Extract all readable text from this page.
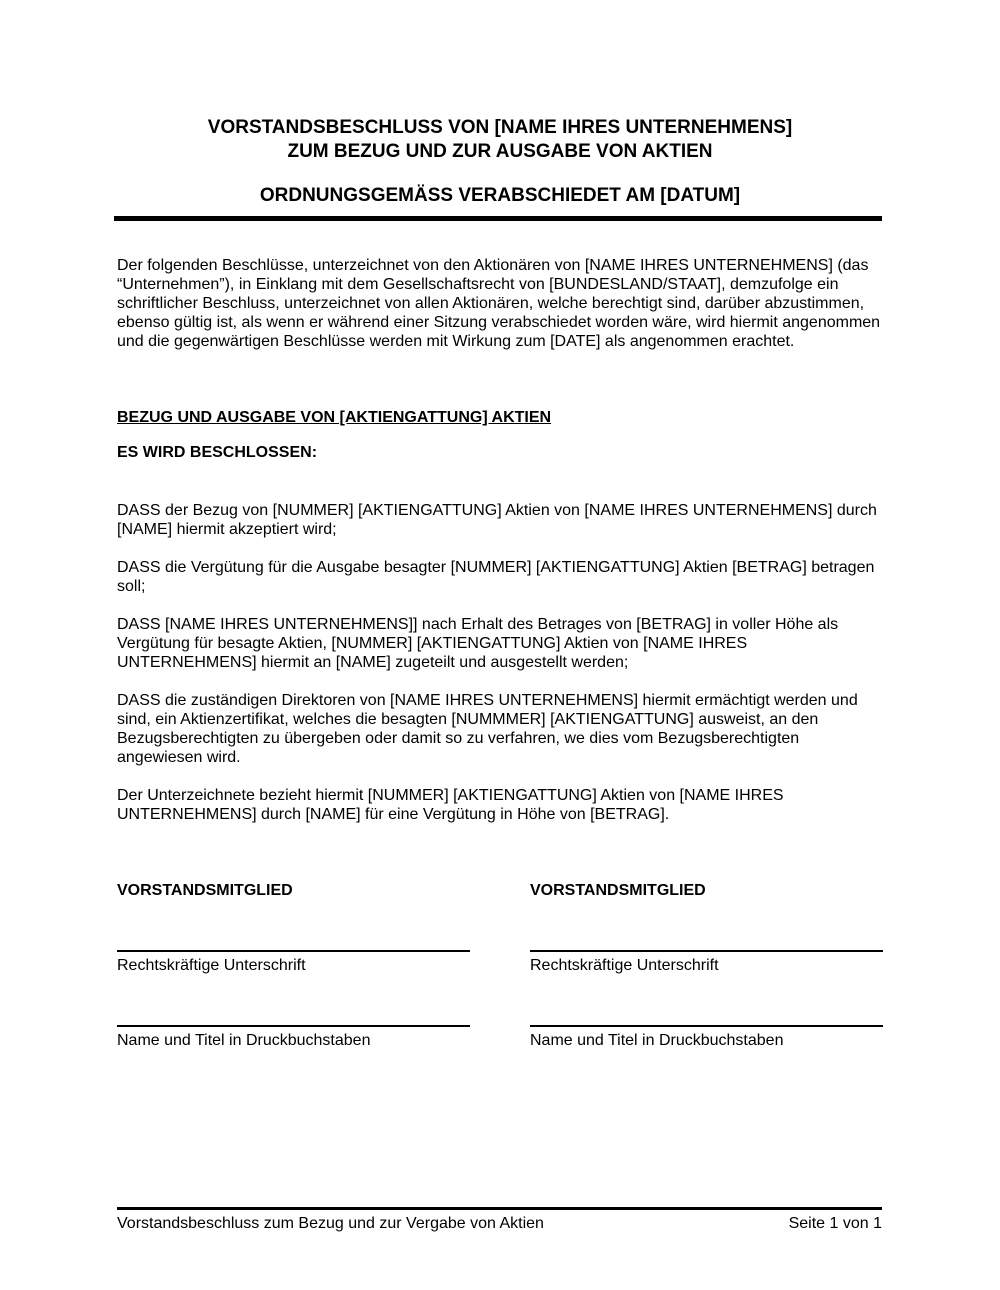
VORSTANDSBESCHLUSS VON [NAME IHRES UNTERNEHMENS]
ZUM BEZUG UND ZUR AUSGABE VON AKTIEN
ORDNUNGSGEMÄSS VERABSCHIEDET AM [DATUM]
Der folgenden Beschlüsse, unterzeichnet von den Aktionären von [NAME IHRES UNTERNEHMENS] (das “Unternehmen”), in Einklang mit dem Gesellschaftsrecht von [BUNDESLAND/STAAT], demzufolge ein schriftlicher Beschluss, unterzeichnet von allen Aktionären, welche berechtigt sind, darüber abzustimmen, ebenso gültig ist, als wenn er während einer Sitzung verabschiedet worden wäre, wird hiermit angenommen und die gegenwärtigen Beschlüsse werden mit Wirkung zum [DATE] als angenommen erachtet.
BEZUG UND AUSGABE VON [AKTIENGATTUNG] AKTIEN
ES WIRD BESCHLOSSEN:

DASS der Bezug von [NUMMER] [AKTIENGATTUNG] Aktien von [NAME IHRES UNTERNEHMENS] durch [NAME] hiermit akzeptiert wird;

DASS die Vergütung für die Ausgabe besagter [NUMMER] [AKTIENGATTUNG] Aktien [BETRAG] betragen soll;

DASS [NAME IHRES UNTERNEHMENS]] nach Erhalt des Betrages von [BETRAG] in voller Höhe als Vergütung für besagte Aktien, [NUMMER] [AKTIENGATTUNG] Aktien von [NAME IHRES UNTERNEHMENS] hiermit an [NAME] zugeteilt und ausgestellt werden;

DASS die zuständigen Direktoren von [NAME IHRES UNTERNEHMENS] hiermit ermächtigt werden und sind, ein Aktienzertifikat, welches die besagten [NUMMMER] [AKTIENGATTUNG] ausweist, an den Bezugsberechtigten zu übergeben oder damit so zu verfahren, we dies vom Bezugsberechtigten angewiesen wird.

Der Unterzeichnete bezieht hiermit [NUMMER] [AKTIENGATTUNG] Aktien von [NAME IHRES UNTERNEHMENS] durch [NAME] für eine Vergütung in Höhe von [BETRAG].

VORSTANDSMITGLIED
Rechtskräftige Unterschrift
Name und Titel in Druckbuchstaben
VORSTANDSMITGLIED
Rechtskräftige Unterschrift
Name und Titel in Druckbuchstaben
Vorstandsbeschluss zum Bezug und zur Vergabe von Aktien	Seite 1 von 1
